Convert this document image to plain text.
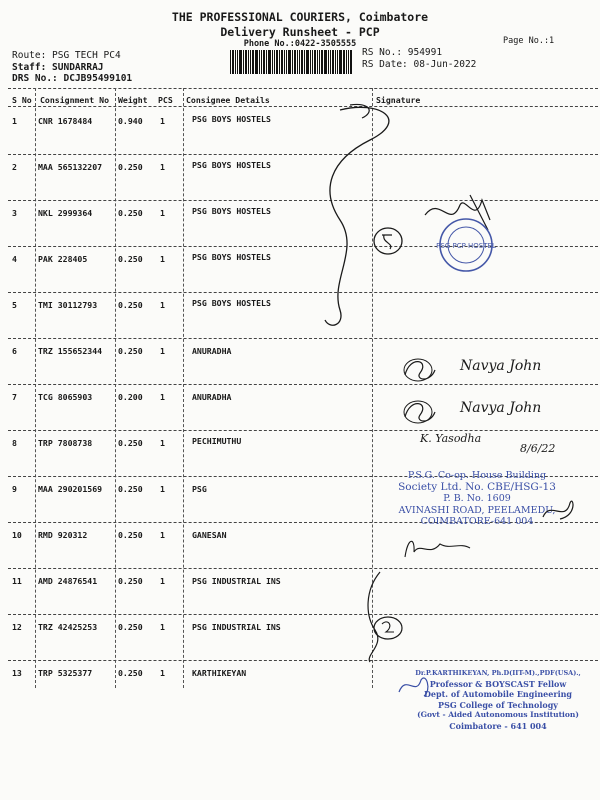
THE PROFESSIONAL COURIERS, Coimbatore
Delivery Runsheet - PCP
Phone No.:0422-3505555	Page No.:1
Route: PSG TECH PC4
Staff: SUNDARRAJ
DRS No.: DCJB95499101
RS No.: 954991
RS Date: 08-Jun-2022
S No Consignment No Weight PCS Consignee Details	Signature
1	CNR 1678484	0.940 1	PSG BOYS HOSTELS
2	MAA 565132207 0.250 1	PSG BOYS HOSTELS
3	NKL 2999364	0.250 1	PSG BOYS HOSTELS
4	PAK 228405	0.250 1	PSG BOYS HOSTELS
5	TMI 30112793	0.250 1	PSG BOYS HOSTELS
6	TRZ 155652344 0.250 1	ANURADHA
7	TCG 8065903	0.200 1	ANURADHA
8	TRP 7808738	0.250 1	PECHIMUTHU
9	MAA 290201569 0.250 1	PSG
10 RMD 920312	0.250 1	GANESAN
11 AMD 24876541	0.250 1	PSG INDUSTRIAL INS
12 TRZ 42425253	0.250 1	PSG INDUSTRIAL INS
13 TRP 5325377	0.250 1	KARTHIKEYAN
PSG PCP HOSTEL
Navya John
Navya John
K. Yasodha
8/6/22
P.S.G. Co-op. House Building
Society Ltd. No. CBE/HSG-13
P. B. No. 1609
AVINASHI ROAD, PEELAMEDU,
COIMBATORE-641 004
Dr.P.KARTHIKEYAN, Ph.D(IIT-M).,PDF(USA).,
Professor & BOYSCAST Fellow
Dept. of Automobile Engineering
PSG College of Technology
(Govt - Aided Autonomous Institution)
Coimbatore - 641 004
